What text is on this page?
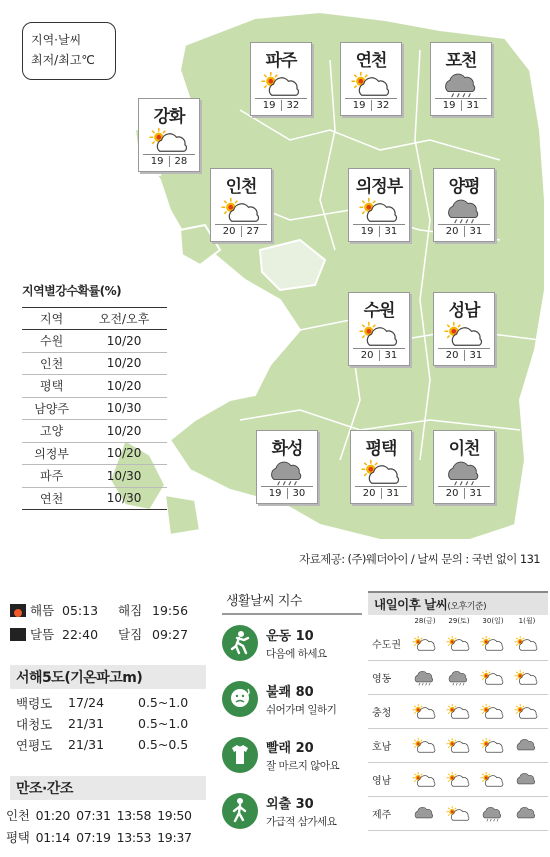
지역·날씨
최저/최고℃	파주
19 32
연천
19 32
포천
19 31
강화
19 28
인천
20 27
의정부
19 31
양평
20 31
수원
20 31
성남
20 31
화성
19 30
평택
20 31
이천
20 31
지역별강수확률(%)
지역	오전/오후
수원	10/20
인천	10/20
평택	10/20
남양주	10/30
고양	10/20
의정부	10/20
파주	10/30
연천	10/30
자료제공: (주)웨더아이 / 날씨 문의 : 국번 없이 131
해뜸 05:13	해짐 19:56
달뜸 22:40	달짐 09:27
서해5도(기온파고m)
백령도	17/24	0.5~1.0
대청도	21/31	0.5~1.0
연평도	21/31	0.5~0.5
만조·간조
인천 01:20 07:31 13:58 19:50
평택 01:14 07:19 13:53 19:37
생활날씨 지수
운동 10
다음에 하세요
불쾌 80
쉬어가며 일하기
빨래 20
잘 마르지 않아요
외출 30
가급적 삼가세요
내일이후 날씨(오후기준)
28(금)	29(토)	30(일)	1(월)
수도권
영동
충청
호남
영남
제주
